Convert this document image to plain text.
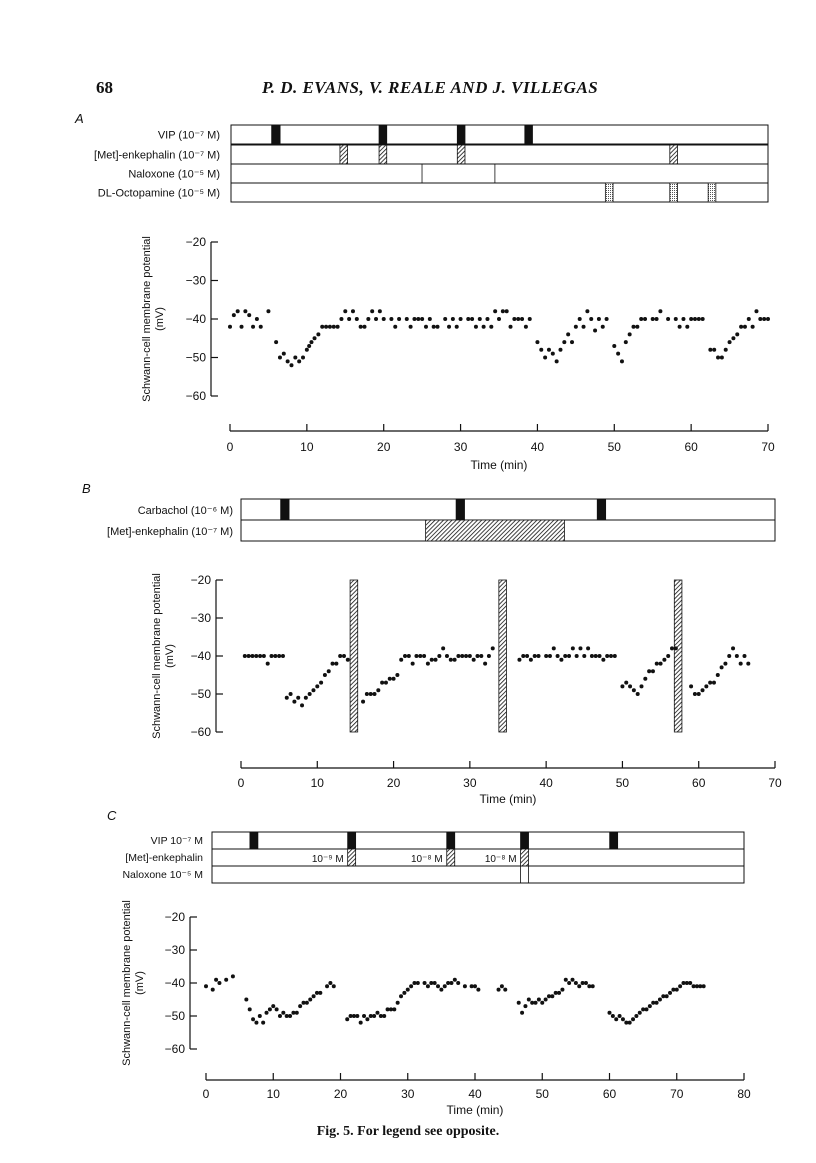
68	P. D. EVANS, V. REALE AND J. VILLEGAS
A
VIP (10⁻⁷ M)
[Met]-enkephalin (10⁻⁷ M)
Naloxone (10⁻⁵ M)
DL-Octopamine (10⁻⁵ M)
−20
−30
−40
−50
−60
Schwann-cell membrane potential (mV)
0	10	20	30	40	50	60	70
Time (min)
B
Carbachol (10⁻⁶ M)
[Met]-enkephalin (10⁻⁷ M)
−20
−30
−40
−50
−60
Schwann-cell membrane potential (mV)
0	10	20	30	40	50	60	70
Time (min)
C
VIP 10⁻⁷ M
[Met]-enkephalin	10⁻⁹ M	10⁻⁸ M	10⁻⁸ M
Naloxone 10⁻⁵ M
−20
−30
−40
−50
−60
Schwann-cell membrane potential (mV)
0	10	20	30	40	50	60	70	80
Time (min)
Fig. 5. For legend see opposite.
